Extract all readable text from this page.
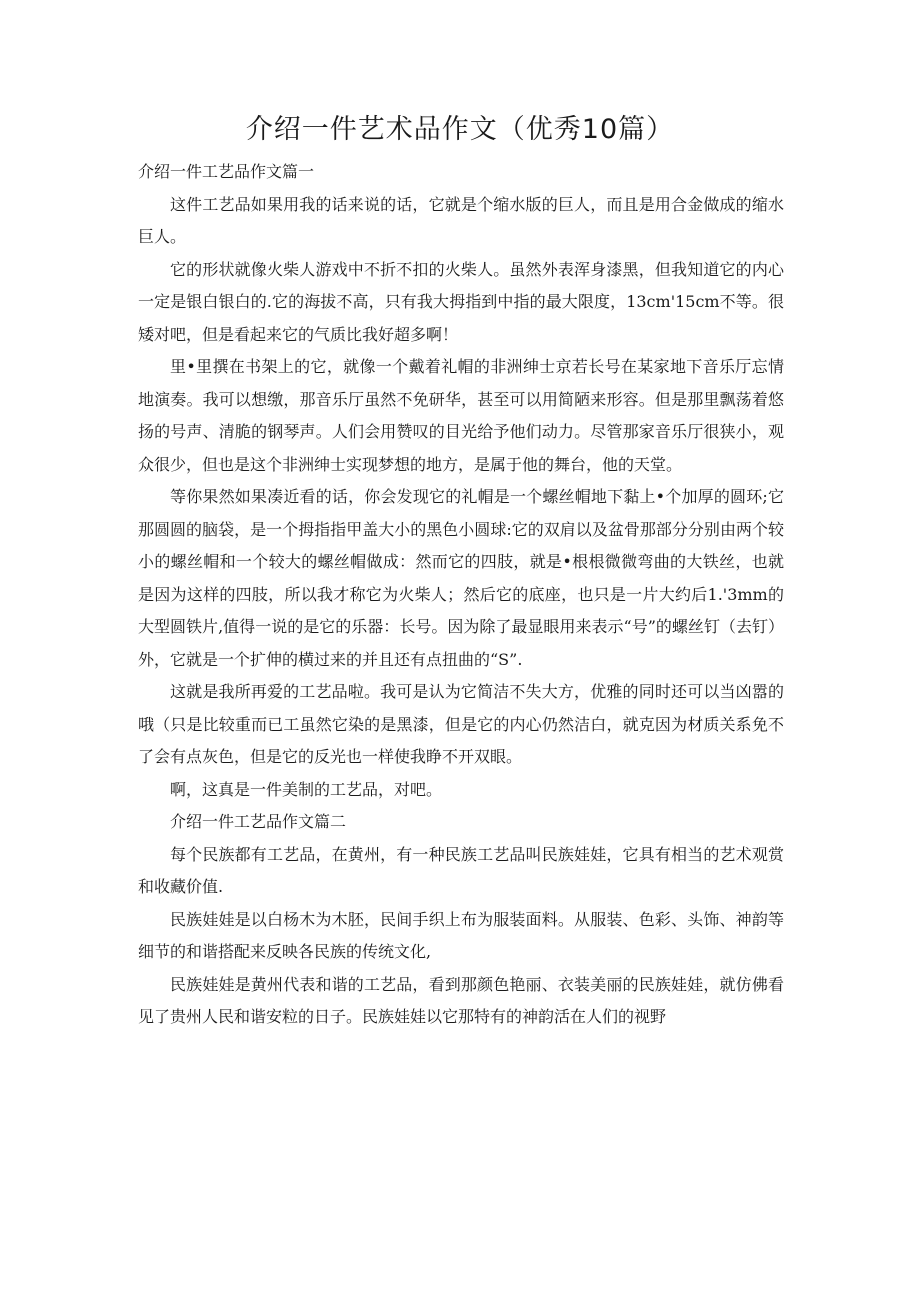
介绍一件艺术品作文（优秀10篇）

介绍一件工艺品作文篇一

这件工艺品如果用我的话来说的话，它就是个缩水版的巨人，而且是用合金做成的缩水巨人。

它的形状就像火柴人游戏中不折不扣的火柴人。虽然外表浑身漆黑，但我知道它的内心一定是银白银白的.它的海拔不高，只有我大拇指到中指的最大限度，13cm'15cm不等。很矮对吧，但是看起来它的气质比我好超多啊！

里•里撰在书架上的它，就像一个戴着礼帽的非洲绅士京若长号在某家地下音乐厅忘情地演奏。我可以想缴，那音乐厅虽然不免研华，甚至可以用简陋来形容。但是那里飘荡着悠扬的号声、清脆的钢琴声。人们会用赞叹的目光给予他们动力。尽管那家音乐厅很狭小，观众很少，但也是这个非洲绅士实现梦想的地方，是属于他的舞台，他的天堂。

等你果然如果凑近看的话，你会发现它的礼帽是一个螺丝帽地下黏上•个加厚的圆环;它那圆圆的脑袋，是一个拇指指甲盖大小的黑色小圆球:它的双肩以及盆骨那部分分别由两个较小的螺丝帽和一个较大的螺丝帽做成：然而它的四肢，就是•根根微微弯曲的大铁丝，也就是因为这样的四肢，所以我才称它为火柴人；然后它的底座，也只是一片大约后1.'3mm的大型圆铁片,值得一说的是它的乐器：长号。因为除了最显眼用来表示“号”的螺丝钉（去钉）外，它就是一个扩伸的横过来的并且还有点扭曲的“S”.

这就是我所再爱的工艺品啦。我可是认为它简洁不失大方，优雅的同时还可以当凶嚣的哦（只是比较重而已工虽然它染的是黑漆，但是它的内心仍然洁白，就克因为材质关系免不了会有点灰色，但是它的反光也一样使我睁不开双眼。

啊，这真是一件美制的工艺品，对吧。

介绍一件工艺品作文篇二

每个民族都有工艺品，在黄州，有一种民族工艺品叫民族娃娃，它具有相当的艺术观赏和收藏价值.

民族娃娃是以白杨木为木胚，民间手织上布为服装面料。从服装、色彩、头饰、神韵等细节的和谐搭配来反映各民族的传统文化,

民族娃娃是黄州代表和谐的工艺品，看到那颜色艳丽、衣装美丽的民族娃娃，就仿佛看见了贵州人民和谐安粒的日子。民族娃娃以它那特有的神韵活在人们的视野
